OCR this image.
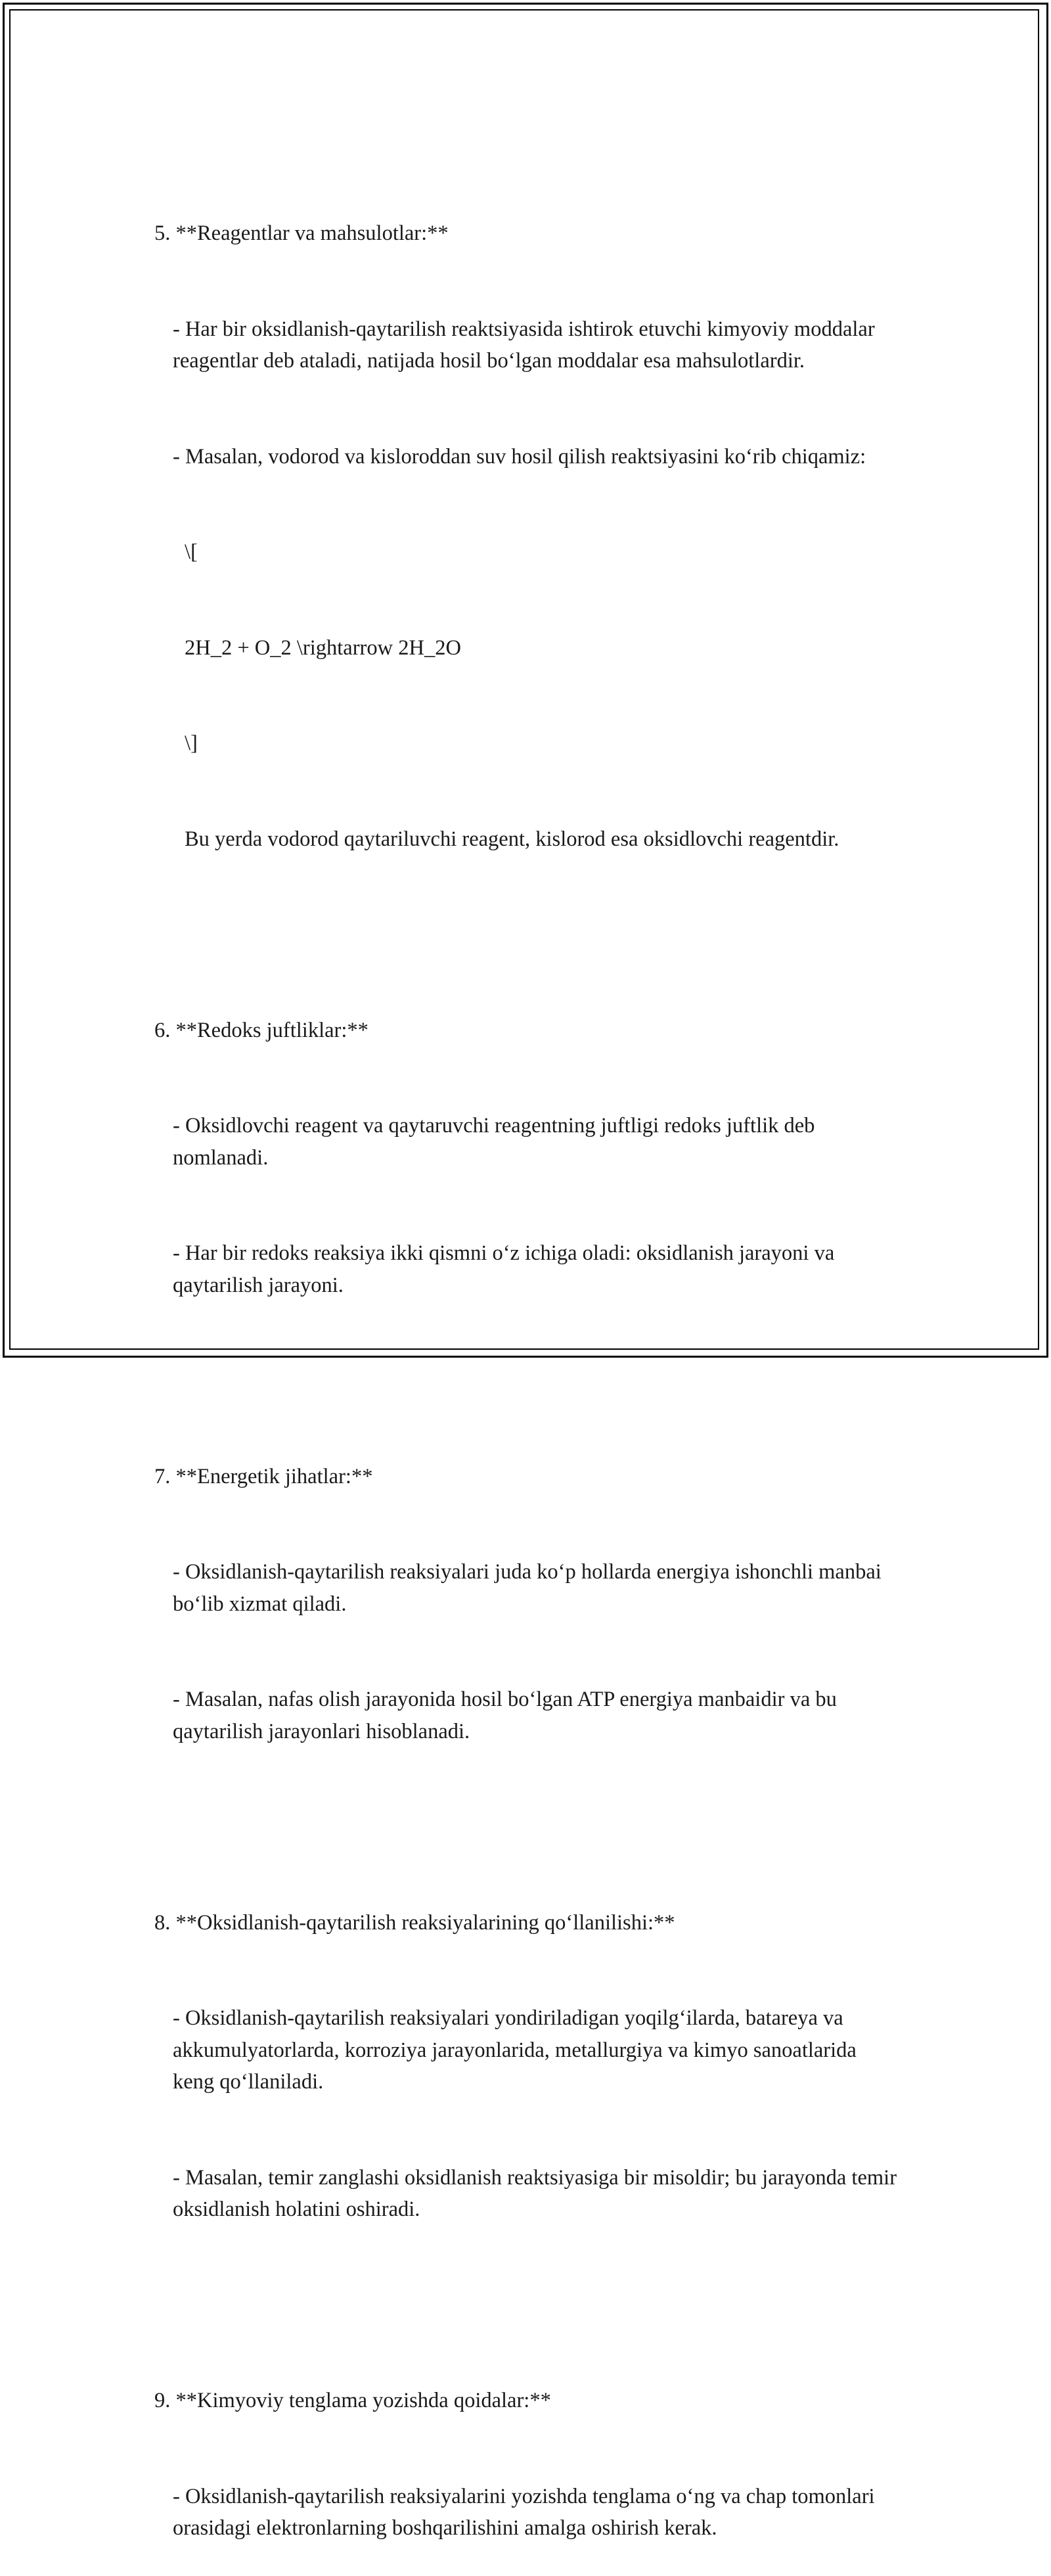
5. **Reagentlar va mahsulotlar:**

- Har bir oksidlanish-qaytarilish reaktsiyasida ishtirok etuvchi kimyoviy moddalar reagentlar deb ataladi, natijada hosil bo‘lgan moddalar esa mahsulotlardir.

- Masalan, vodorod va kisloroddan suv hosil qilish reaktsiyasini ko‘rib chiqamiz:

\[

2H_2 + O_2 \rightarrow 2H_2O

\]

Bu yerda vodorod qaytariluvchi reagent, kislorod esa oksidlovchi reagentdir.

6. **Redoks juftliklar:**

- Oksidlovchi reagent va qaytaruvchi reagentning juftligi redoks juftlik deb nomlanadi.

- Har bir redoks reaksiya ikki qismni o‘z ichiga oladi: oksidlanish jarayoni va qaytarilish jarayoni.

7. **Energetik jihatlar:**

- Oksidlanish-qaytarilish reaksiyalari juda ko‘p hollarda energiya ishonchli manbai bo‘lib xizmat qiladi.

- Masalan, nafas olish jarayonida hosil bo‘lgan ATP energiya manbaidir va bu qaytarilish jarayonlari hisoblanadi.

8. **Oksidlanish-qaytarilish reaksiyalarining qo‘llanilishi:**

- Oksidlanish-qaytarilish reaksiyalari yondiriladigan yoqilg‘ilarda, batareya va akkumulyatorlarda, korroziya jarayonlarida, metallurgiya va kimyo sanoatlarida keng qo‘llaniladi.

- Masalan, temir zanglashi oksidlanish reaktsiyasiga bir misoldir; bu jarayonda temir oksidlanish holatini oshiradi.

9. **Kimyoviy tenglama yozishda qoidalar:**

- Oksidlanish-qaytarilish reaksiyalarini yozishda tenglama o‘ng va chap tomonlari orasidagi elektronlarning boshqarilishini amalga oshirish kerak.
